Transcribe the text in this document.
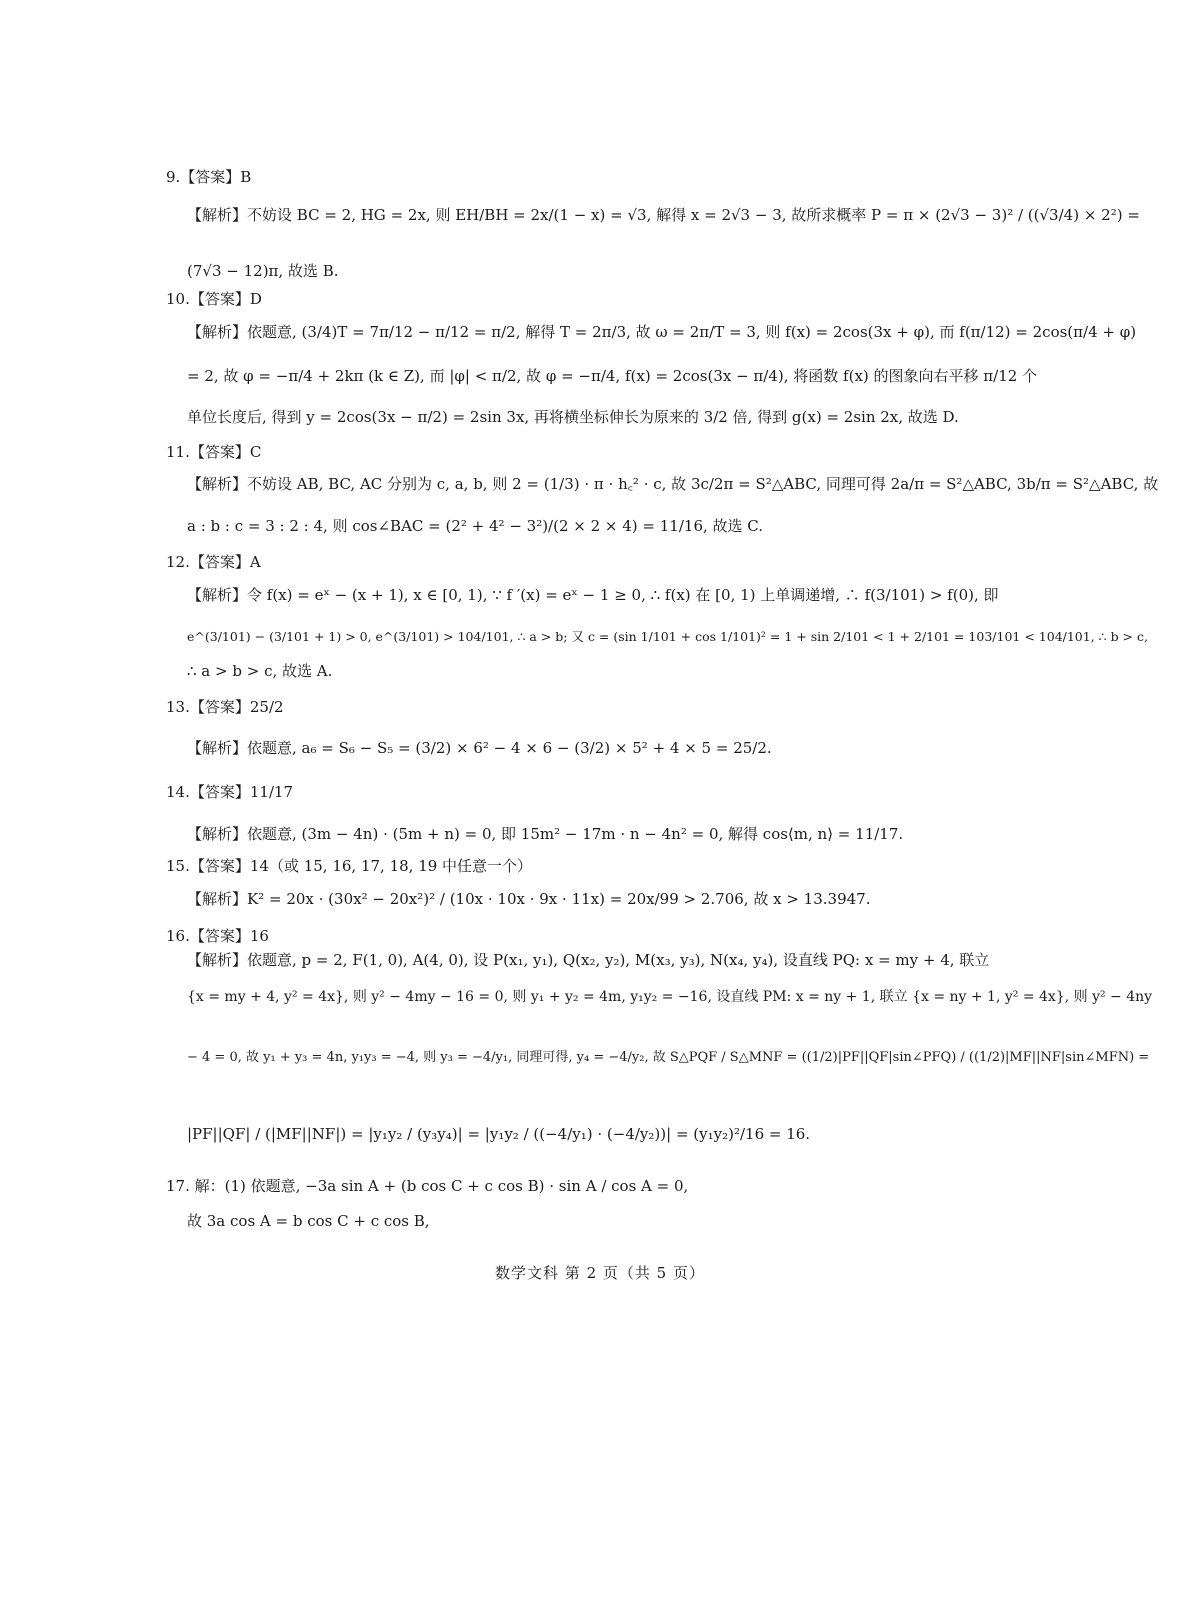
9.【答案】B
【解析】不妨设 BC = 2, HG = 2x, 则 EH/BH = 2x/(1 − x) = √3, 解得 x = 2√3 − 3, 故所求概率 P = π × (2√3 − 3)² / ((√3/4) × 2²) =
(7√3 − 12)π, 故选 B.
10.【答案】D
【解析】依题意, (3/4)T = 7π/12 − π/12 = π/2, 解得 T = 2π/3, 故 ω = 2π/T = 3, 则 f(x) = 2cos(3x + φ), 而 f(π/12) = 2cos(π/4 + φ)
= 2, 故 φ = −π/4 + 2kπ (k ∈ Z), 而 |φ| < π/2, 故 φ = −π/4, f(x) = 2cos(3x − π/4), 将函数 f(x) 的图象向右平移 π/12 个
单位长度后, 得到 y = 2cos(3x − π/2) = 2sin 3x, 再将横坐标伸长为原来的 3/2 倍, 得到 g(x) = 2sin 2x, 故选 D.
11.【答案】C
【解析】不妨设 AB, BC, AC 分别为 c, a, b, 则 2 = (1/3) · π · h꜀² · c, 故 3c/2π = S²△ABC, 同理可得 2a/π = S²△ABC, 3b/π = S²△ABC, 故
a : b : c = 3 : 2 : 4, 则 cos∠BAC = (2² + 4² − 3²)/(2 × 2 × 4) = 11/16, 故选 C.
12.【答案】A
【解析】令 f(x) = eˣ − (x + 1), x ∈ [0, 1), ∵ f ′(x) = eˣ − 1 ≥ 0, ∴ f(x) 在 [0, 1) 上单调递增, ∴ f(3/101) > f(0), 即
e^(3/101) − (3/101 + 1) > 0, e^(3/101) > 104/101, ∴ a > b; 又 c = (sin 1/101 + cos 1/101)² = 1 + sin 2/101 < 1 + 2/101 = 103/101 < 104/101, ∴ b > c,
∴ a > b > c, 故选 A.
13.【答案】25/2
【解析】依题意, a₆ = S₆ − S₅ = (3/2) × 6² − 4 × 6 − (3/2) × 5² + 4 × 5 = 25/2.
14.【答案】11/17
【解析】依题意, (3m − 4n) · (5m + n) = 0, 即 15m² − 17m · n − 4n² = 0, 解得 cos⟨m, n⟩ = 11/17.
15.【答案】14（或 15, 16, 17, 18, 19 中任意一个）
【解析】K² = 20x · (30x² − 20x²)² / (10x · 10x · 9x · 11x) = 20x/99 > 2.706, 故 x > 13.3947.
16.【答案】16
【解析】依题意, p = 2, F(1, 0), A(4, 0), 设 P(x₁, y₁), Q(x₂, y₂), M(x₃, y₃), N(x₄, y₄), 设直线 PQ: x = my + 4, 联立
{x = my + 4, y² = 4x}, 则 y² − 4my − 16 = 0, 则 y₁ + y₂ = 4m, y₁y₂ = −16, 设直线 PM: x = ny + 1, 联立 {x = ny + 1, y² = 4x}, 则 y² − 4ny
− 4 = 0, 故 y₁ + y₃ = 4n, y₁y₃ = −4, 则 y₃ = −4/y₁, 同理可得, y₄ = −4/y₂, 故 S△PQF / S△MNF = ((1/2)|PF||QF|sin∠PFQ) / ((1/2)|MF||NF|sin∠MFN) =
|PF||QF| / (|MF||NF|) = |y₁y₂ / (y₃y₄)| = |y₁y₂ / ((−4/y₁) · (−4/y₂))| = (y₁y₂)²/16 = 16.
17. 解：(1) 依题意, −3a sin A + (b cos C + c cos B) · sin A / cos A = 0,
故 3a cos A = b cos C + c cos B,
数学文科 第 2 页（共 5 页）
